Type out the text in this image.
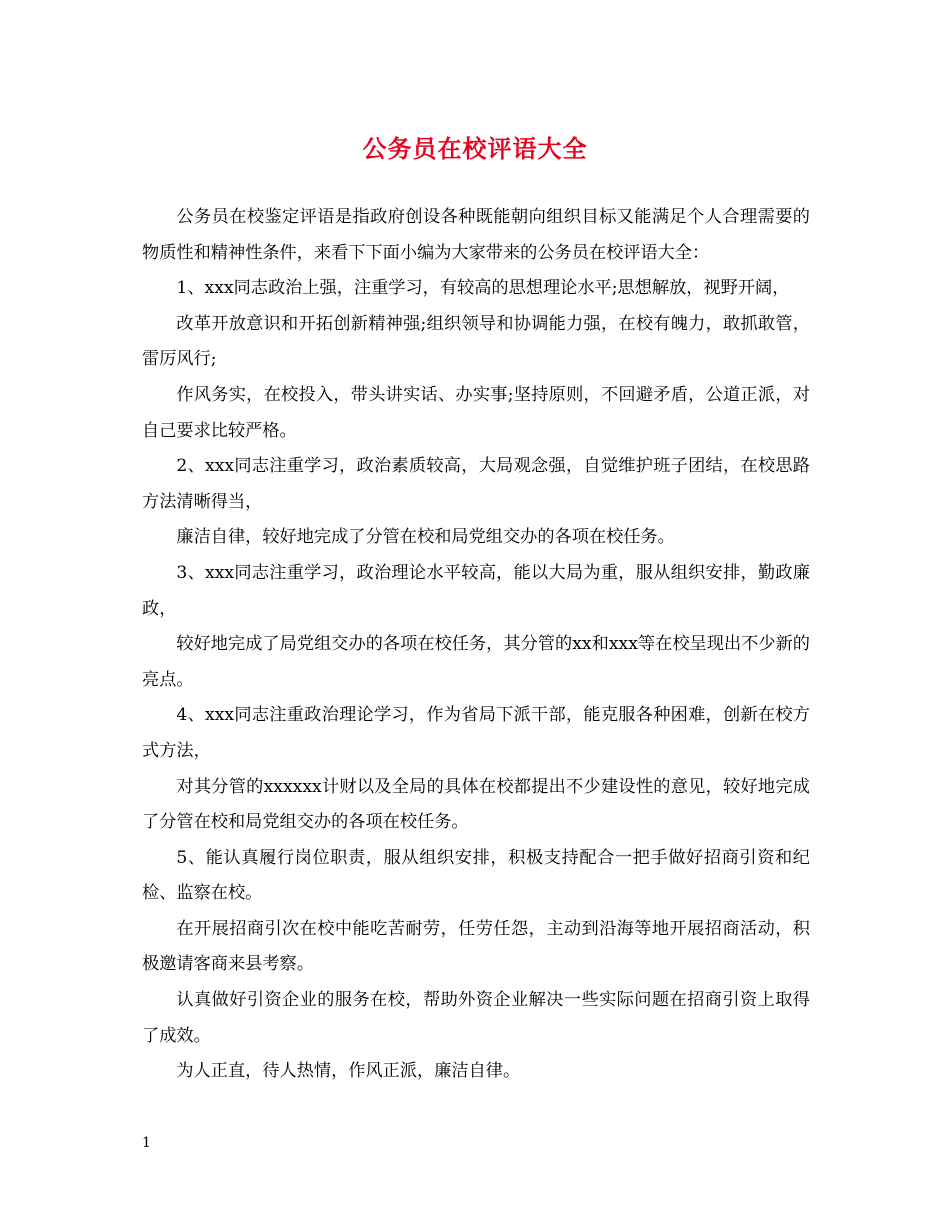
公务员在校评语大全

公务员在校鉴定评语是指政府创设各种既能朝向组织目标又能满足个人合理需要的物质性和精神性条件，来看下下面小编为大家带来的公务员在校评语大全：

1、xxx同志政治上强，注重学习，有较高的思想理论水平;思想解放，视野开阔，

改革开放意识和开拓创新精神强;组织领导和协调能力强，在校有魄力，敢抓敢管，雷厉风行;

作风务实，在校投入，带头讲实话、办实事;坚持原则，不回避矛盾，公道正派，对自己要求比较严格。

2、xxx同志注重学习，政治素质较高，大局观念强，自觉维护班子团结，在校思路方法清晰得当，

廉洁自律，较好地完成了分管在校和局党组交办的各项在校任务。

3、xxx同志注重学习，政治理论水平较高，能以大局为重，服从组织安排，勤政廉政，

较好地完成了局党组交办的各项在校任务，其分管的xx和xxx等在校呈现出不少新的亮点。

4、xxx同志注重政治理论学习，作为省局下派干部，能克服各种困难，创新在校方式方法，

对其分管的xxxxxx计财以及全局的具体在校都提出不少建设性的意见，较好地完成了分管在校和局党组交办的各项在校任务。

5、能认真履行岗位职责，服从组织安排，积极支持配合一把手做好招商引资和纪检、监察在校。

在开展招商引次在校中能吃苦耐劳，任劳任怨，主动到沿海等地开展招商活动，积极邀请客商来县考察。

认真做好引资企业的服务在校，帮助外资企业解决一些实际问题在招商引资上取得了成效。

为人正直，待人热情，作风正派，廉洁自律。

1
